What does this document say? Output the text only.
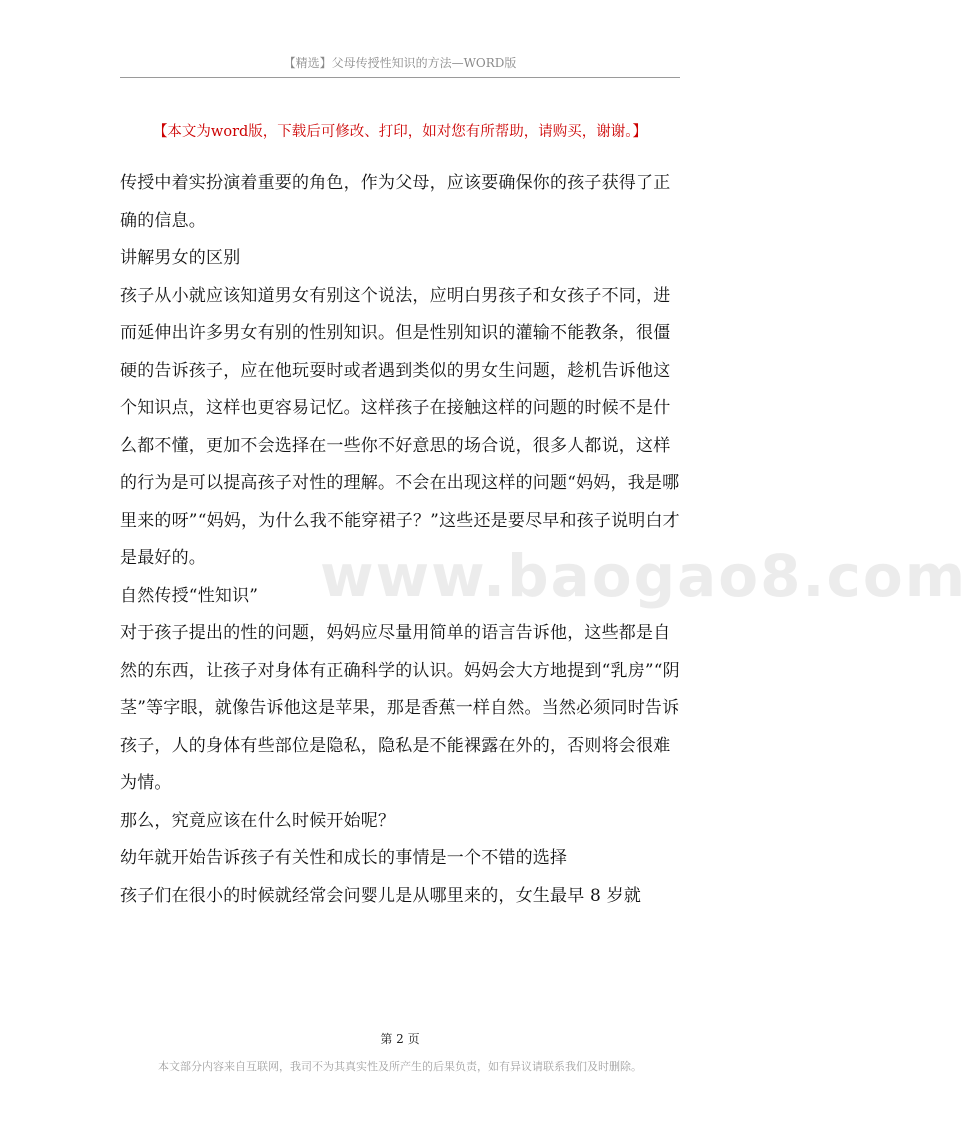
【精选】父母传授性知识的方法—WORD版
【本文为word版，下载后可修改、打印，如对您有所帮助，请购买，谢谢。】

传授中着实扮演着重要的角色，作为父母，应该要确保你的孩子获得了正确的信息。

讲解男女的区别

孩子从小就应该知道男女有别这个说法，应明白男孩子和女孩子不同，进而延伸出许多男女有别的性别知识。但是性别知识的灌输不能教条，很僵硬的告诉孩子，应在他玩耍时或者遇到类似的男女生问题，趁机告诉他这个知识点，这样也更容易记忆。这样孩子在接触这样的问题的时候不是什么都不懂，更加不会选择在一些你不好意思的场合说，很多人都说，这样的行为是可以提高孩子对性的理解。不会在出现这样的问题“妈妈，我是哪里来的呀”“妈妈，为什么我不能穿裙子？”这些还是要尽早和孩子说明白才是最好的。

自然传授“性知识”

对于孩子提出的性的问题，妈妈应尽量用简单的语言告诉他，这些都是自然的东西，让孩子对身体有正确科学的认识。妈妈会大方地提到“乳房”“阴茎”等字眼，就像告诉他这是苹果，那是香蕉一样自然。当然必须同时告诉孩子，人的身体有些部位是隐私，隐私是不能裸露在外的，否则将会很难为情。

那么，究竟应该在什么时候开始呢？

幼年就开始告诉孩子有关性和成长的事情是一个不错的选择

孩子们在很小的时候就经常会问婴儿是从哪里来的，女生最早 8 岁就

www.baogao8.com
第 2 页
本文部分内容来自互联网，我司不为其真实性及所产生的后果负责，如有异议请联系我们及时删除。
